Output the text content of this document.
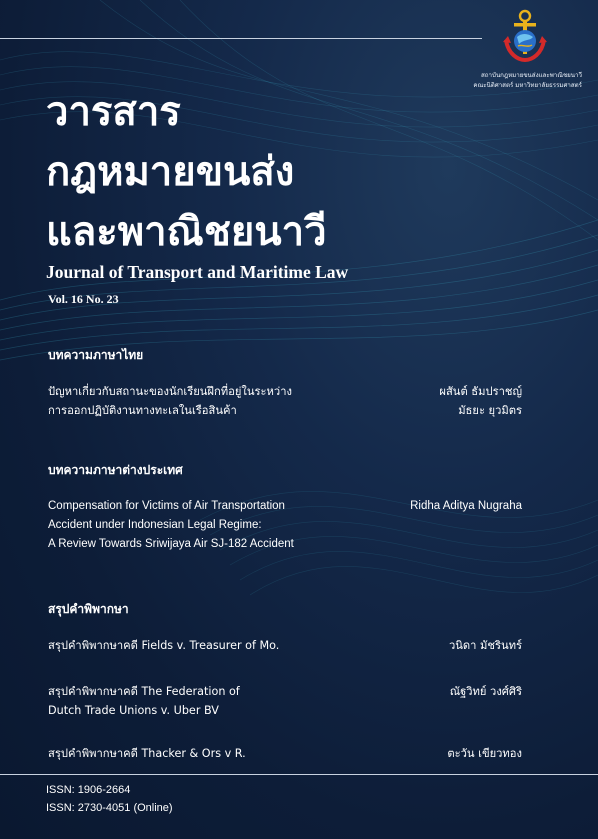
สถาบันกฎหมายขนส่งและพาณิชยนาวี
คณะนิติศาสตร์ มหาวิทยาลัยธรรมศาสตร์
วารสาร
กฎหมายขนส่ง
และพาณิชยนาวี
Journal of Transport and Maritime Law
Vol. 16 No. 23
บทความภาษาไทย
ปัญหาเกี่ยวกับสถานะของนักเรียนฝึกที่อยู่ในระหว่าง
การออกปฏิบัติงานทางทะเลในเรือสินค้า
ผสันต์ ธัมปราชญ์
มัธยะ ยุวมิตร
บทความภาษาต่างประเทศ
Compensation for Victims of Air Transportation
Accident under Indonesian Legal Regime:
A Review Towards Sriwijaya Air SJ-182 Accident
Ridha Aditya Nugraha
สรุปคำพิพากษา
สรุปคำพิพากษาคดี Fields v. Treasurer of Mo.	วนิดา มัชรินทร์
สรุปคำพิพากษาคดี The Federation of
Dutch Trade Unions v. Uber BV
ณัฐวิทย์ วงศ์ศิริ
สรุปคำพิพากษาคดี Thacker & Ors v R.	ตะวัน เขียวทอง
ISSN: 1906-2664
ISSN: 2730-4051 (Online)
